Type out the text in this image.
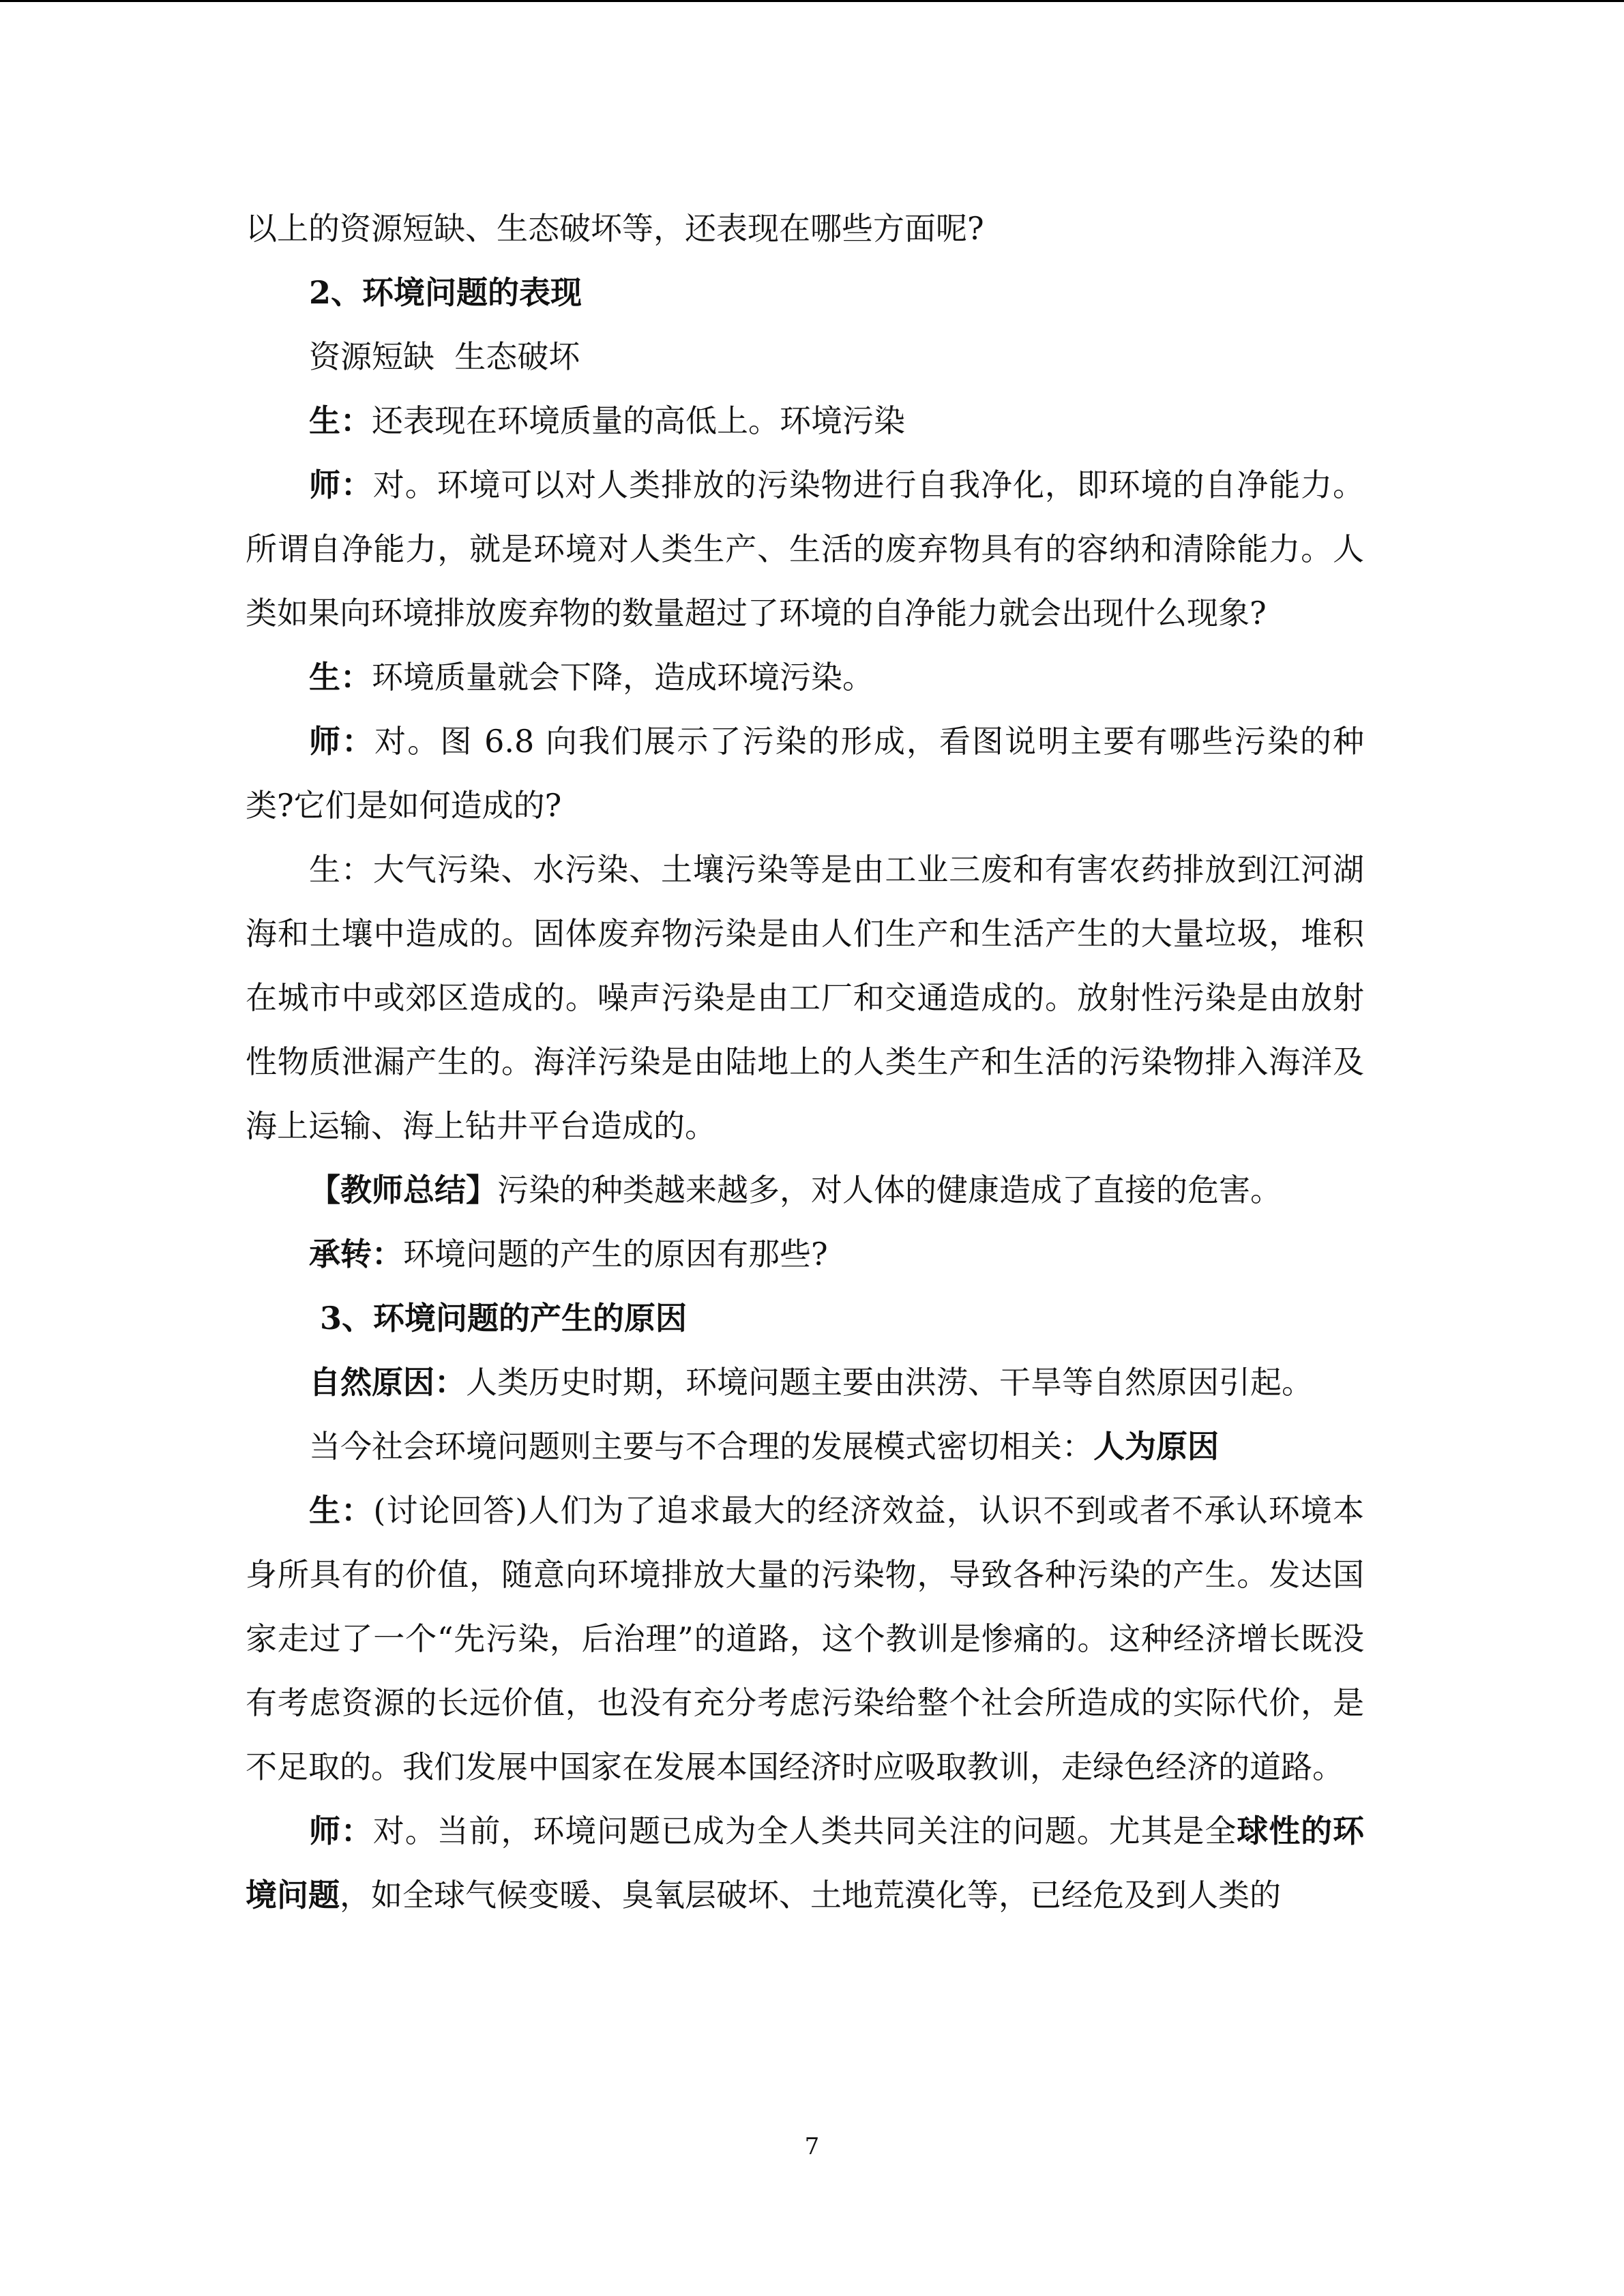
以上的资源短缺、生态破坏等，还表现在哪些方面呢?

2、环境问题的表现

资源短缺  生态破坏

生：还表现在环境质量的高低上。环境污染

师：对。环境可以对人类排放的污染物进行自我净化，即环境的自净能力。所谓自净能力，就是环境对人类生产、生活的废弃物具有的容纳和清除能力。人类如果向环境排放废弃物的数量超过了环境的自净能力就会出现什么现象?

生：环境质量就会下降，造成环境污染。

师：对。图 6.8 向我们展示了污染的形成，看图说明主要有哪些污染的种类?它们是如何造成的?

生：大气污染、水污染、土壤污染等是由工业三废和有害农药排放到江河湖海和土壤中造成的。固体废弃物污染是由人们生产和生活产生的大量垃圾，堆积在城市中或郊区造成的。噪声污染是由工厂和交通造成的。放射性污染是由放射性物质泄漏产生的。海洋污染是由陆地上的人类生产和生活的污染物排入海洋及海上运输、海上钻井平台造成的。

【教师总结】污染的种类越来越多，对人体的健康造成了直接的危害。

承转：环境问题的产生的原因有那些?

3、环境问题的产生的原因

自然原因：人类历史时期，环境问题主要由洪涝、干旱等自然原因引起。

当今社会环境问题则主要与不合理的发展模式密切相关：人为原因

生：(讨论回答)人们为了追求最大的经济效益，认识不到或者不承认环境本身所具有的价值，随意向环境排放大量的污染物，导致各种污染的产生。发达国家走过了一个“先污染，后治理”的道路，这个教训是惨痛的。这种经济增长既没有考虑资源的长远价值，也没有充分考虑污染给整个社会所造成的实际代价，是不足取的。我们发展中国家在发展本国经济时应吸取教训，走绿色经济的道路。

师：对。当前，环境问题已成为全人类共同关注的问题。尤其是全球性的环境问题，如全球气候变暖、臭氧层破坏、土地荒漠化等，已经危及到人类的

7
